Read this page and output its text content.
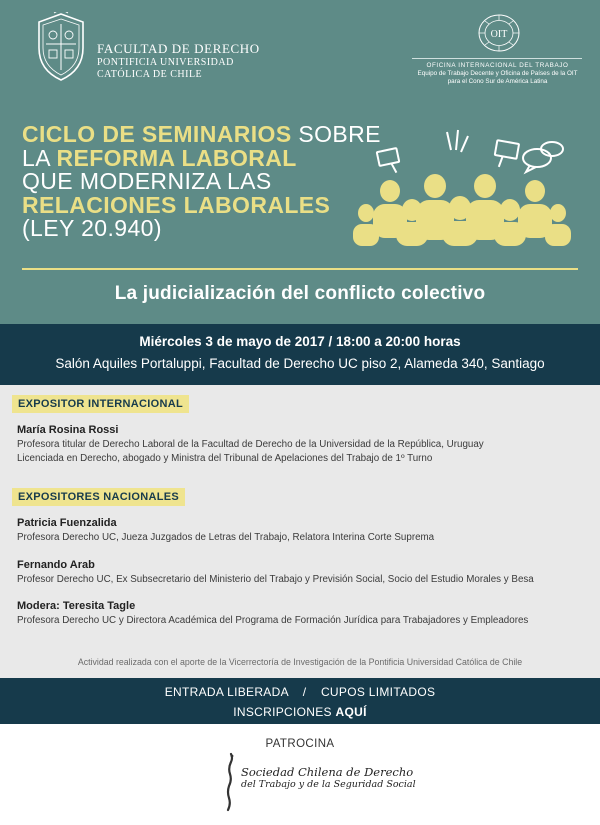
FACULTAD DE DERECHO
PONTIFICIA UNIVERSIDAD
CATÓLICA DE CHILE
OIT
OFICINA INTERNACIONAL DEL TRABAJO
Equipo de Trabajo Decente y Oficina de Países de la OIT
para el Cono Sur de América Latina
CICLO DE SEMINARIOS SOBRE
LA REFORMA LABORAL
QUE MODERNIZA LAS
RELACIONES LABORALES
(LEY 20.940)
La judicialización del conflicto colectivo
Miércoles 3 de mayo de 2017 / 18:00 a 20:00 horas
Salón Aquiles Portaluppi, Facultad de Derecho UC piso 2, Alameda 340, Santiago
EXPOSITOR INTERNACIONAL
María Rosina Rossi
Profesora titular de Derecho Laboral de la Facultad de Derecho de la Universidad de la República, Uruguay
Licenciada en Derecho, abogado y Ministra del Tribunal de Apelaciones del Trabajo de 1º Turno
EXPOSITORES NACIONALES
Patricia Fuenzalida
Profesora Derecho UC, Jueza Juzgados de Letras del Trabajo, Relatora Interina Corte Suprema
Fernando Arab
Profesor Derecho UC, Ex Subsecretario del Ministerio del Trabajo y Previsión Social, Socio del Estudio Morales y Besa
Modera: Teresita Tagle
Profesora Derecho UC y Directora Académica del Programa de Formación Jurídica para Trabajadores y Empleadores
Actividad realizada con el aporte de la Vicerrectoría de Investigación de la Pontificia Universidad Católica de Chile
ENTRADA LIBERADA / CUPOS LIMITADOS
INSCRIPCIONES AQUÍ
PATROCINA
Sociedad Chilena de Derecho
del Trabajo y de la Seguridad Social
